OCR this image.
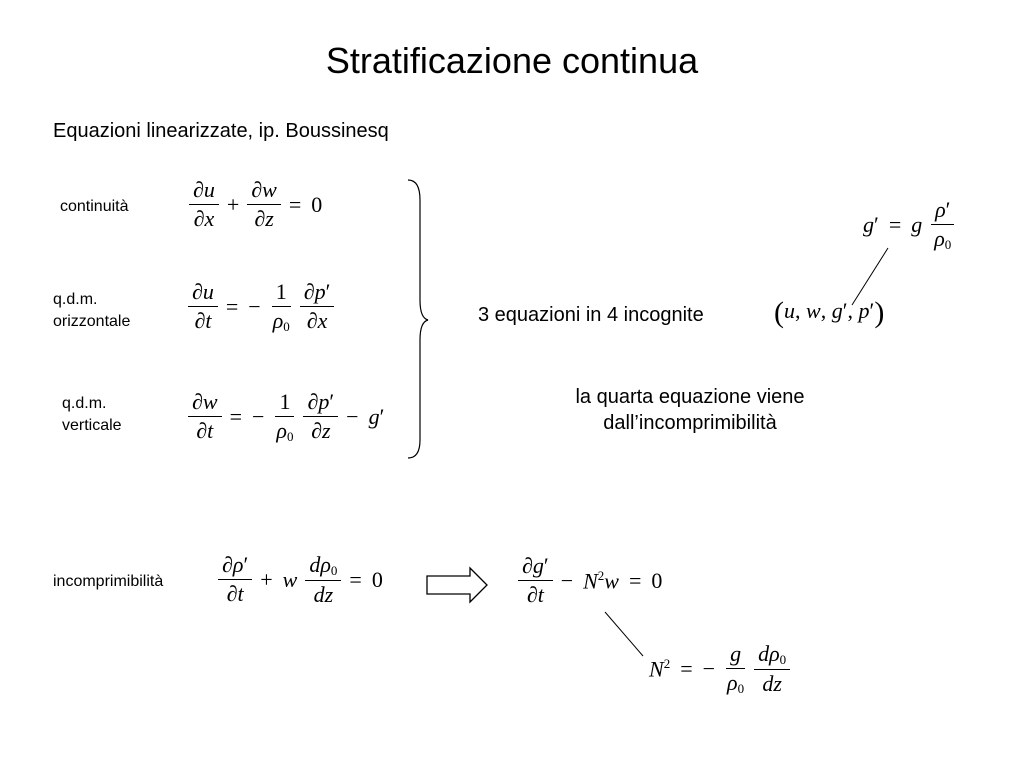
Stratificazione continua
Equazioni linearizzate, ip. Boussinesq
continuità
q.d.m.
orizzontale
q.d.m.
verticale
incomprimibilità
$\frac{\partial u}{\partial x} + \frac{\partial w}{\partial z} = 0$
$\frac{\partial u}{\partial t}$ = − $\frac{1}{\rho_0} \frac{\partial p'}{\partial x}$
$\frac{\partial w}{\partial t}$ = − $\frac{1}{\rho_0} \frac{\partial p'}{\partial z} - g'$
g′ = g $\frac{\rho'}{\rho_0}$
3 equazioni in 4 incognite (u, w, g′, p′)
la quarta equazione viene
dall’incomprimibilità
$\frac{\partial\rho'}{\partial t} + w \frac{d\rho_0}{dz} = 0$	$\frac{\partial g'}{\partial t} - N^2w = 0$
$N^2$ = − $\frac{g}{\rho_0} \frac{d\rho_0}{dz}$
